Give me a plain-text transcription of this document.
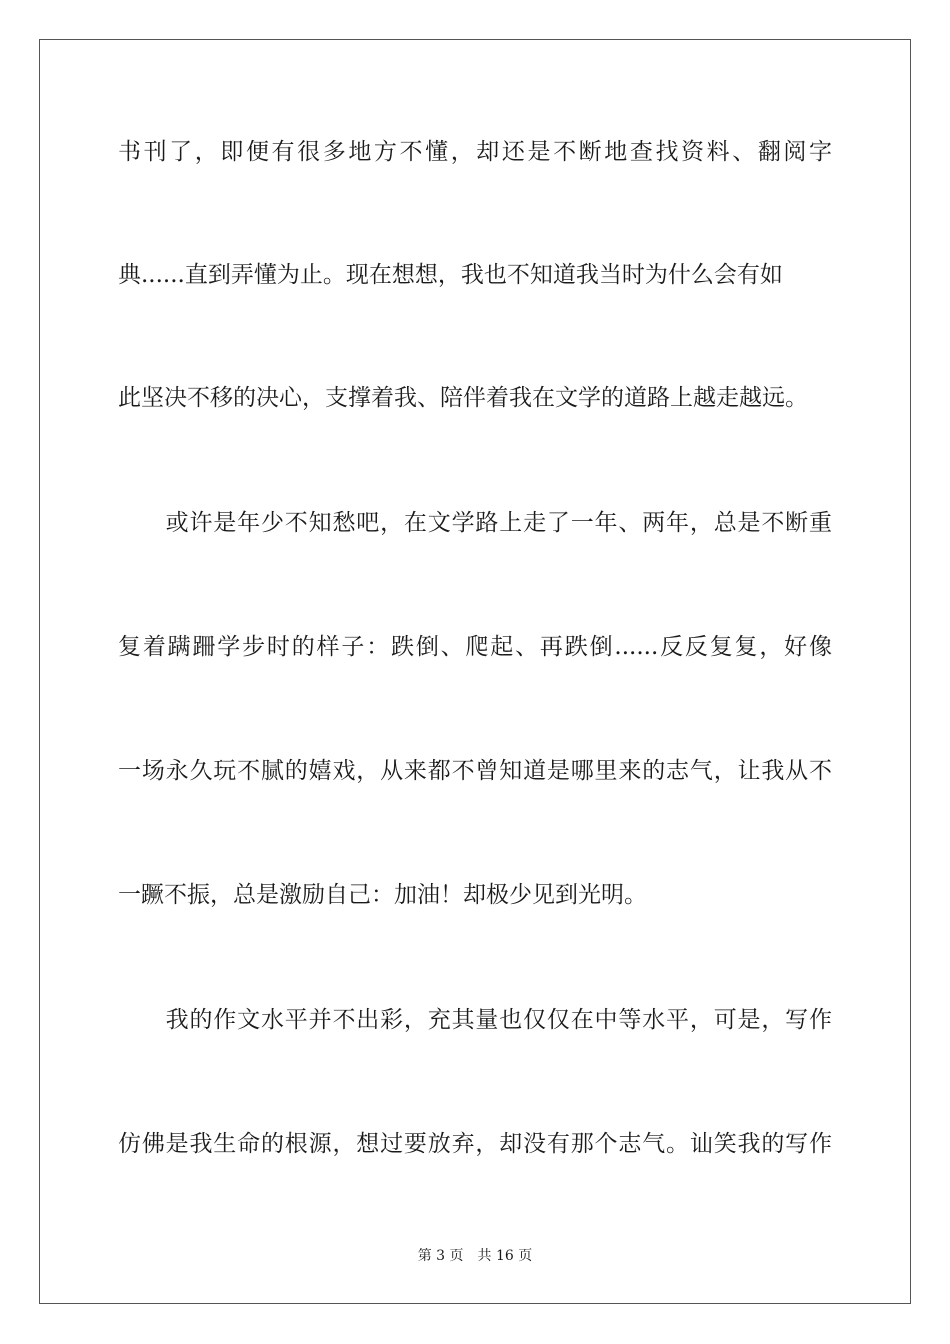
书刊了，即便有很多地方不懂，却还是不断地查找资料、翻阅字
典......直到弄懂为止。现在想想，我也不知道我当时为什么会有如
此坚决不移的决心，支撑着我、陪伴着我在文学的道路上越走越远。
　　或许是年少不知愁吧，在文学路上走了一年、两年，总是不断重
复着蹒跚学步时的样子：跌倒、爬起、再跌倒......反反复复，好像
一场永久玩不腻的嬉戏，从来都不曾知道是哪里来的志气，让我从不
一蹶不振，总是激励自己：加油！却极少见到光明。
　　我的作文水平并不出彩，充其量也仅仅在中等水平，可是，写作
仿佛是我生命的根源，想过要放弃，却没有那个志气。讪笑我的写作
第 3 页　共 16 页
